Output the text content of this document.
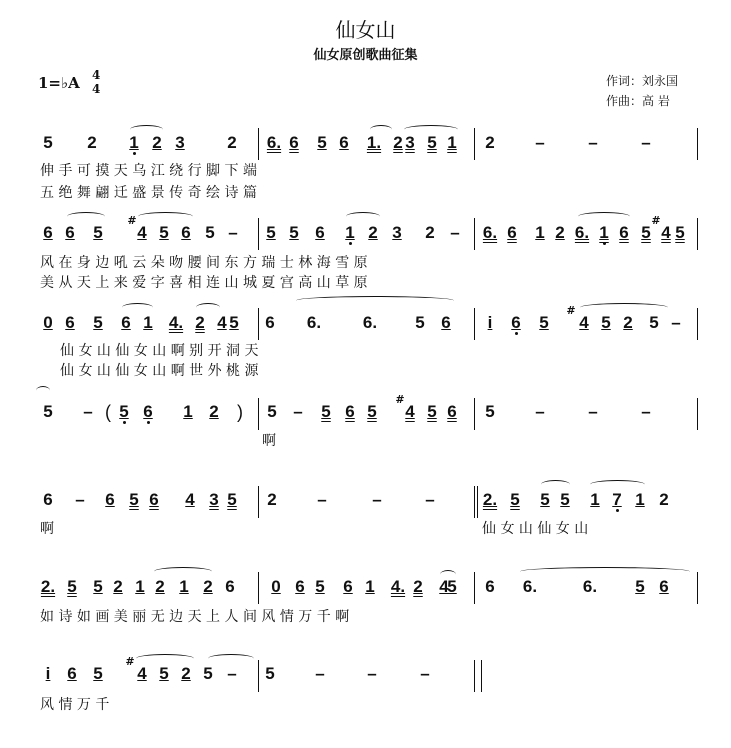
仙女山
仙女原创歌曲征集
1=♭A 4
4
作词：刘永国
作曲：高 岩
5 2 1 2 3	2 6. 6 5 6 1. 2 3 5 1 2 –	–	–
6 6 5 4 5 6 5 – 5 5 6 1 2 3 2 – 6. 6 1 2 6. 1 6 5 4 5
#	#
0 6 5 6 1 4. 2 4 5 6 6. 6. 5 6 i 6 5 4 5 2 5 –
#
5 – ( 5 6 1 2 ) 5 – 5 6 5 4 5 6 5 –	–	–
#
6 – 6 5 6 4 3 5 2 –	–	–	2. 5 5 5 1 7 1 2
2. 5 5 2 1 2 1 2 6 0 6 5 6 1 4. 2 4
5 6 6.	6. 5 6
i 6 5 4 5 2 5 – 5 –	–	–
#
伸 手 可 摸 天 乌 江 绕 行 脚 下 端
五 绝 舞 翩 迁 盛 景 传 奇 绘 诗 篇
风 在 身 边 吼 云 朵 吻 腰 间 东 方 瑞 士 林 海 雪 原
美 从 天 上 来 爱 字 喜 相 连 山 城 夏 宫 高 山 草 原
仙 女 山 仙 女 山 啊 别 开 洞 天
仙 女 山 仙 女 山 啊 世 外 桃 源
啊
啊	仙 女 山 仙 女 山
如 诗 如 画 美 丽 无 边 天 上 人 间 风 情 万 千 啊
风 情 万 千
